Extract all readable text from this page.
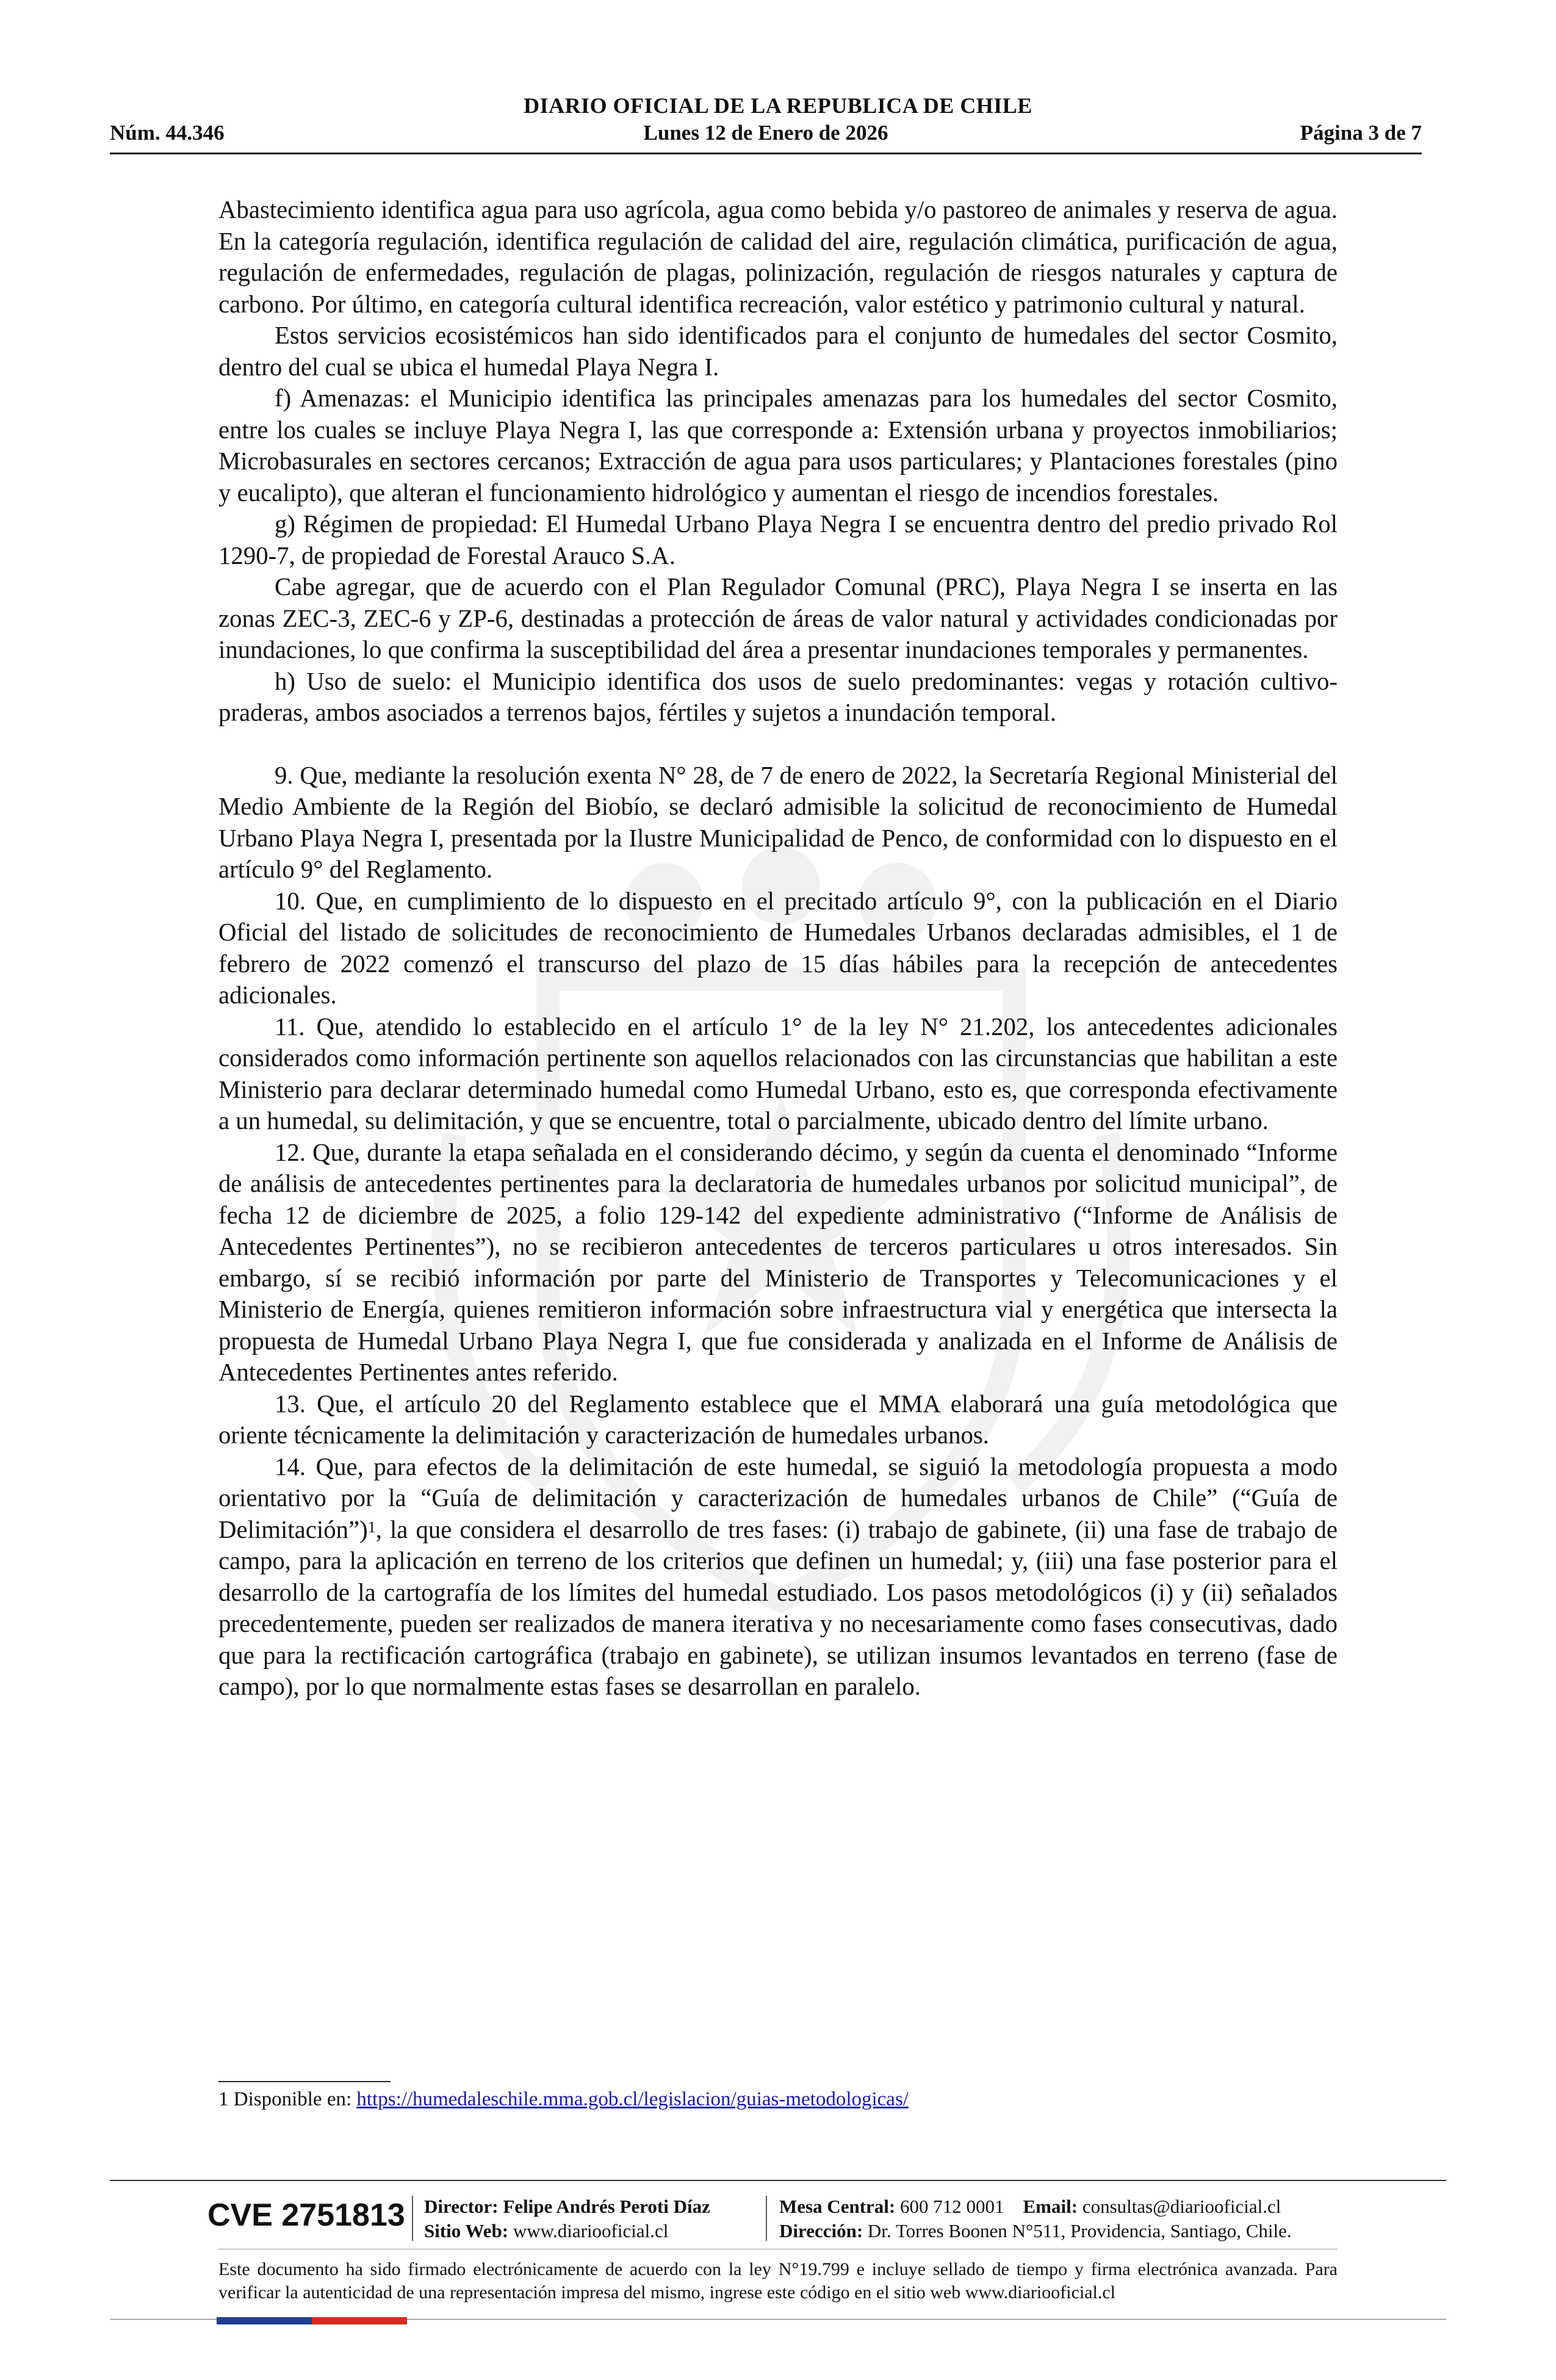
DIARIO OFICIAL DE LA REPUBLICA DE CHILE
Núm. 44.346	Lunes 12 de Enero de 2026	Página 3 de 7

Abastecimiento identifica agua para uso agrícola, agua como bebida y/o pastoreo de animales y reserva de agua. En la categoría regulación, identifica regulación de calidad del aire, regulación climática, purificación de agua, regulación de enfermedades, regulación de plagas, polinización, regulación de riesgos naturales y captura de carbono. Por último, en categoría cultural identifica recreación, valor estético y patrimonio cultural y natural.

Estos servicios ecosistémicos han sido identificados para el conjunto de humedales del sector Cosmito, dentro del cual se ubica el humedal Playa Negra I.

f) Amenazas: el Municipio identifica las principales amenazas para los humedales del sector Cosmito, entre los cuales se incluye Playa Negra I, las que corresponde a: Extensión urbana y proyectos inmobiliarios; Microbasurales en sectores cercanos; Extracción de agua para usos particulares; y Plantaciones forestales (pino y eucalipto), que alteran el funcionamiento hidrológico y aumentan el riesgo de incendios forestales.

g) Régimen de propiedad: El Humedal Urbano Playa Negra I se encuentra dentro del predio privado Rol 1290-7, de propiedad de Forestal Arauco S.A.

Cabe agregar, que de acuerdo con el Plan Regulador Comunal (PRC), Playa Negra I se inserta en las zonas ZEC-3, ZEC-6 y ZP-6, destinadas a protección de áreas de valor natural y actividades condicionadas por inundaciones, lo que confirma la susceptibilidad del área a presentar inundaciones temporales y permanentes.

h) Uso de suelo: el Municipio identifica dos usos de suelo predominantes: vegas y rotación cultivo-praderas, ambos asociados a terrenos bajos, fértiles y sujetos a inundación temporal.

9. Que, mediante la resolución exenta N° 28, de 7 de enero de 2022, la Secretaría Regional Ministerial del Medio Ambiente de la Región del Biobío, se declaró admisible la solicitud de reconocimiento de Humedal Urbano Playa Negra I, presentada por la Ilustre Municipalidad de Penco, de conformidad con lo dispuesto en el artículo 9° del Reglamento.

10. Que, en cumplimiento de lo dispuesto en el precitado artículo 9°, con la publicación en el Diario Oficial del listado de solicitudes de reconocimiento de Humedales Urbanos declaradas admisibles, el 1 de febrero de 2022 comenzó el transcurso del plazo de 15 días hábiles para la recepción de antecedentes adicionales.

11. Que, atendido lo establecido en el artículo 1° de la ley N° 21.202, los antecedentes adicionales considerados como información pertinente son aquellos relacionados con las circunstancias que habilitan a este Ministerio para declarar determinado humedal como Humedal Urbano, esto es, que corresponda efectivamente a un humedal, su delimitación, y que se encuentre, total o parcialmente, ubicado dentro del límite urbano.

12. Que, durante la etapa señalada en el considerando décimo, y según da cuenta el denominado “Informe de análisis de antecedentes pertinentes para la declaratoria de humedales urbanos por solicitud municipal”, de fecha 12 de diciembre de 2025, a folio 129-142 del expediente administrativo (“Informe de Análisis de Antecedentes Pertinentes”), no se recibieron antecedentes de terceros particulares u otros interesados. Sin embargo, sí se recibió información por parte del Ministerio de Transportes y Telecomunicaciones y el Ministerio de Energía, quienes remitieron información sobre infraestructura vial y energética que intersecta la propuesta de Humedal Urbano Playa Negra I, que fue considerada y analizada en el Informe de Análisis de Antecedentes Pertinentes antes referido.

13. Que, el artículo 20 del Reglamento establece que el MMA elaborará una guía metodológica que oriente técnicamente la delimitación y caracterización de humedales urbanos.

14. Que, para efectos de la delimitación de este humedal, se siguió la metodología propuesta a modo orientativo por la “Guía de delimitación y caracterización de humedales urbanos de Chile” (“Guía de Delimitación”)$^1$, la que considera el desarrollo de tres fases: (i) trabajo de gabinete, (ii) una fase de trabajo de campo, para la aplicación en terreno de los criterios que definen un humedal; y, (iii) una fase posterior para el desarrollo de la cartografía de los límites del humedal estudiado. Los pasos metodológicos (i) y (ii) señalados precedentemente, pueden ser realizados de manera iterativa y no necesariamente como fases consecutivas, dado que para la rectificación cartográfica (trabajo en gabinete), se utilizan insumos levantados en terreno (fase de campo), por lo que normalmente estas fases se desarrollan en paralelo.

1 Disponible en: https://humedaleschile.mma.gob.cl/legislacion/guias-metodologicas/
CVE 2751813 Director: Felipe Andrés Peroti Díaz
Sitio Web: www.diariooficial.cl
Mesa Central: 600 712 0001 Email: consultas@diariooficial.cl
Dirección: Dr. Torres Boonen N°511, Providencia, Santiago, Chile.
Este documento ha sido firmado electrónicamente de acuerdo con la ley N°19.799 e incluye sellado de tiempo y firma electrónica avanzada. Para verificar la autenticidad de una representación impresa del mismo, ingrese este código en el sitio web www.diariooficial.cl
